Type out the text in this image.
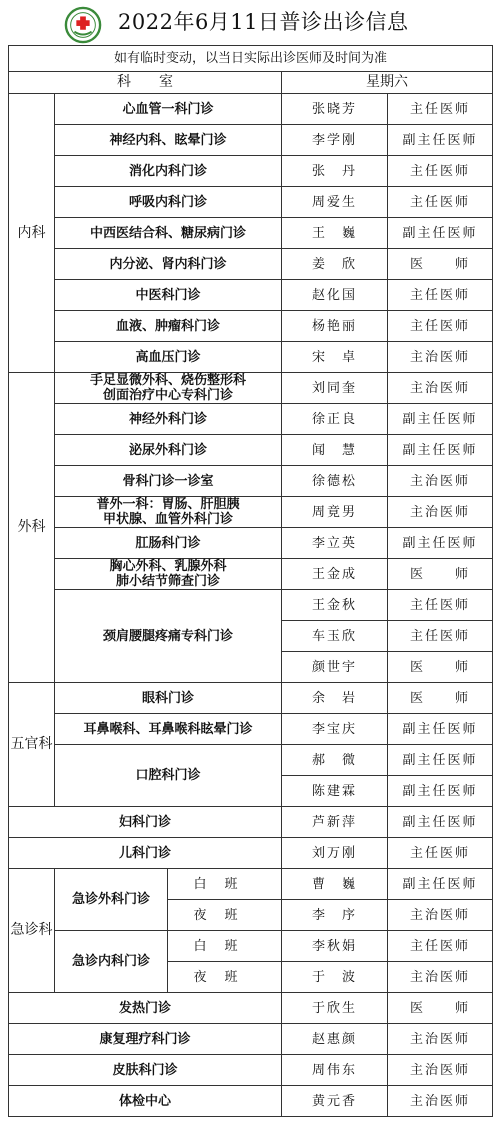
2022年6月11日普诊出诊信息
如有临时变动，以当日实际出诊医师及时间为准				
科　　室			星期六	
内科	心血管一科门诊		张晓芳	主任医师
	神经内科、眩晕门诊		李学刚	副主任医师
	消化内科门诊		张　丹	主任医师
	呼吸内科门诊		周爱生	主任医师
	中西医结合科、糖尿病门诊		王　巍	副主任医师
	内分泌、肾内科门诊		姜　欣	医　　师
	中医科门诊		赵化国	主任医师
	血液、肿瘤科门诊		杨艳丽	主任医师
	高血压门诊		宋　卓	主治医师
外科	手足显微外科、烧伤整形科
创面治疗中心专科门诊		刘同奎	主治医师
	神经外科门诊		徐正良	副主任医师
	泌尿外科门诊		闻　慧	副主任医师
	骨科门诊一诊室		徐德松	主治医师
	普外一科：胃肠、肝胆胰
甲状腺、血管外科门诊		周竟男	主治医师
	肛肠科门诊		李立英	副主任医师
	胸心外科、乳腺外科
肺小结节筛查门诊		王金成	医　　师
	颈肩腰腿疼痛专科门诊		王金秋	主任医师
			车玉欣	主任医师
			颜世宇	医　　师
五官科	眼科门诊		余　岩	医　　师
	耳鼻喉科、耳鼻喉科眩晕门诊		李宝庆	副主任医师
	口腔科门诊		郝　微	副主任医师
			陈建霖	副主任医师
妇科门诊			芦新萍	副主任医师
儿科门诊			刘万刚	主任医师
急诊科	急诊外科门诊	白班	曹　巍	副主任医师
		夜班	李　序	主治医师
	急诊内科门诊	白班	李秋娟	主任医师
		夜班	于　波	主治医师
发热门诊			于欣生	医　　师
康复理疗科门诊			赵惠颜	主治医师
皮肤科门诊			周伟东	主治医师
体检中心			黄元香	主治医师
